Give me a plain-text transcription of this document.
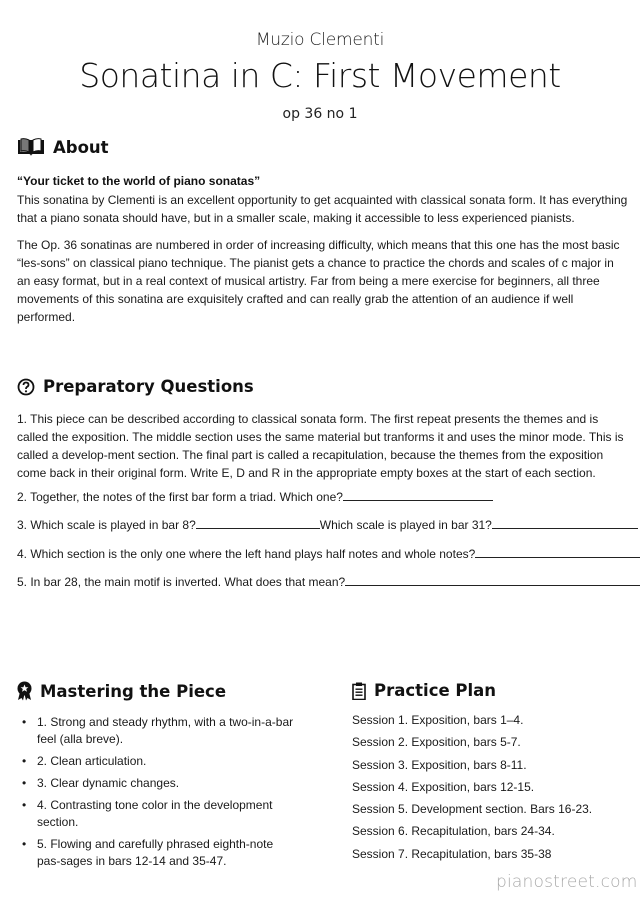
Muzio Clementi
Sonatina in C: First Movement
op 36 no 1
About
“Your ticket to the world of piano sonatas”
This sonatina by Clementi is an excellent opportunity to get acquainted with classical sonata form. It has everything that a piano sonata should have, but in a smaller scale, making it accessible to less experienced pianists.
The Op. 36 sonatinas are numbered in order of increasing difficulty, which means that this one has the most basic “les-sons” on classical piano technique. The pianist gets a chance to practice the chords and scales of c major in an easy format, but in a real context of musical artistry. Far from being a mere exercise for beginners, all three movements of this sonatina are exquisitely crafted and can really grab the attention of an audience if well performed.
Preparatory Questions
1. This piece can be described according to classical sonata form. The first repeat presents the themes and is called the exposition. The middle section uses the same material but tranforms it and uses the minor mode. This is called a develop-ment section. The final part is called a recapitulation, because the themes from the exposition come back in their original form. Write E, D and R in the appropriate empty boxes at the start of each section.
2. Together, the notes of the first bar form a triad. Which one?
3. Which scale is played in bar 8?	Which scale is played in bar 31?
4. Which section is the only one where the left hand plays half notes and whole notes?
5. In bar 28, the main motif is inverted. What does that mean?
Mastering the Piece
• 1. Strong and steady rhythm, with a two-in-a-bar feel (alla breve).
• 2. Clean articulation.
• 3. Clear dynamic changes.
• 4. Contrasting tone color in the development section.
• 5. Flowing and carefully phrased eighth-note pas-sages in bars 12-14 and 35-47.
Practice Plan
Session 1. Exposition, bars 1–4.
Session 2. Exposition, bars 5-7.
Session 3. Exposition, bars 8-11.
Session 4. Exposition, bars 12-15.
Session 5. Development section. Bars 16-23.
Session 6. Recapitulation, bars 24-34.
Session 7. Recapitulation, bars 35-38
pianostreet.com
